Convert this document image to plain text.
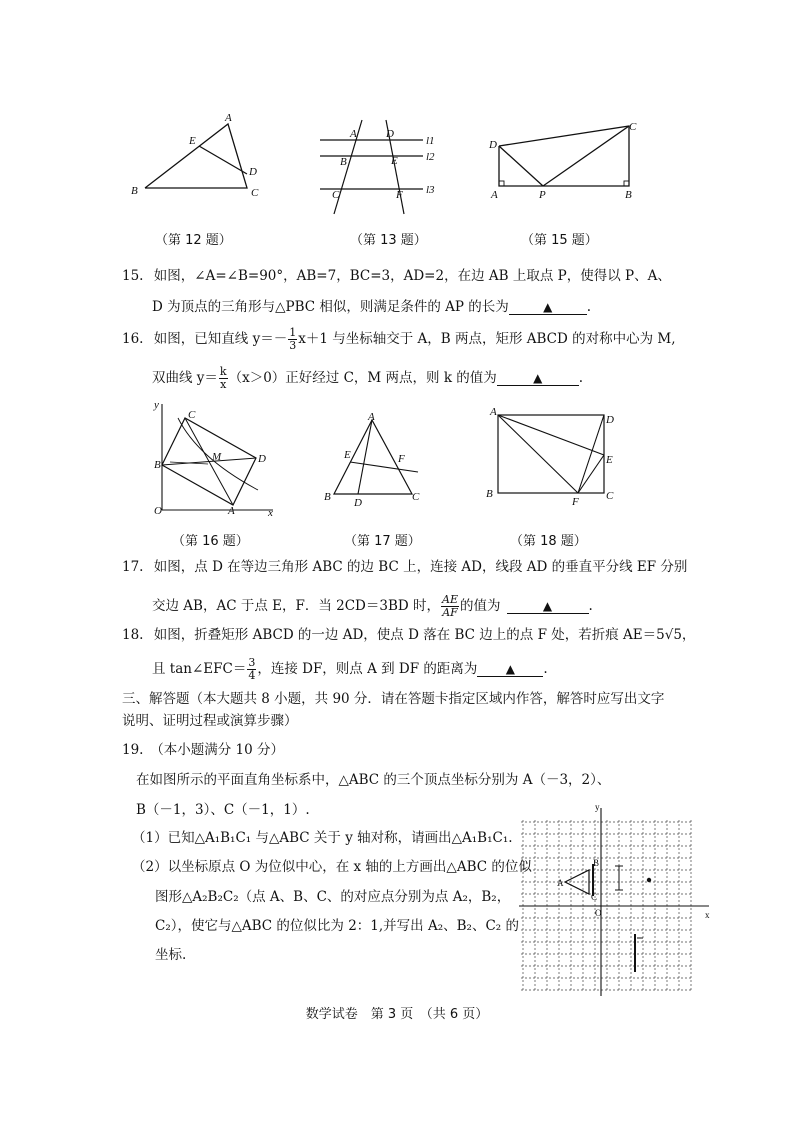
A
E
D
B	C
（第 12 题）
A	D
B	E
C	F
l1
l2
l3
（第 13 题）
D
C
A	P	B
（第 15 题）
15. 如图，∠A=∠B=90°，AB=7，BC=3，AD=2，在边 AB 上取点 P，使得以 P、A、
D 为顶点的三角形与△PBC 相似，则满足条件的 AP 的长为	▲	.
16. 如图，已知直线 $y=- \frac{1}{3} x+1$ 与坐标轴交于 A，B 两点，矩形 ABCD 的对称中心为 M,
双曲线 $y= \frac{k}{x} (x>0)$正好经过 C，M 两点，则 k 的值为	▲	.
y
C
M	D
B
O	A	x
（第 16 题）
A
E	F
B D	C
（第 17 题）
A
D
E
B
F C
（第 18 题）
17. 如图，点 D 在等边三角形 ABC 的边 BC 上，连接 AD，线段 AD 的垂直平分线 EF 分别
交边 AB，AC 于点 E，F．当 2CD＝3BD 时， $\frac{AE}{AF}$ 的值为	▲	.
18. 如图，折叠矩形 ABCD 的一边 AD，使点 D 落在 BC 边上的点 F 处，若折痕 AE＝5√5，
且 tan∠EFC＝ $\frac{3}{4}$ ，连接 DF，则点 A 到 DF 的距离为 ▲ .
三、解答题（本大题共 8 小题，共 90 分．请在答题卡指定区域内作答，解答时应写出文字
说明、证明过程或演算步骤）
19.　（本小题满分 10 分）
在如图所示的平面直角坐标系中，△ABC 的三个顶点坐标分别为 A（－3，2）、
B（－1，3）、C（－1，1）.
（1）已知△A₁B₁C₁ 与△ABC 关于 y 轴对称，请画出△A₁B₁C₁.
（2）以坐标原点 O 为位似中心，在 x 轴的上方画出△ABC 的位似
图形△A₂B₂C₂（点 A、B、C、的对应点分别为点 A₂，B₂，
C₂），使它与△ABC 的位似比为 2：1,并写出 A₂、B₂、C₂ 的
坐标.
y
B
A
C
O	x
数学试卷　第 3 页　（共 6 页）
